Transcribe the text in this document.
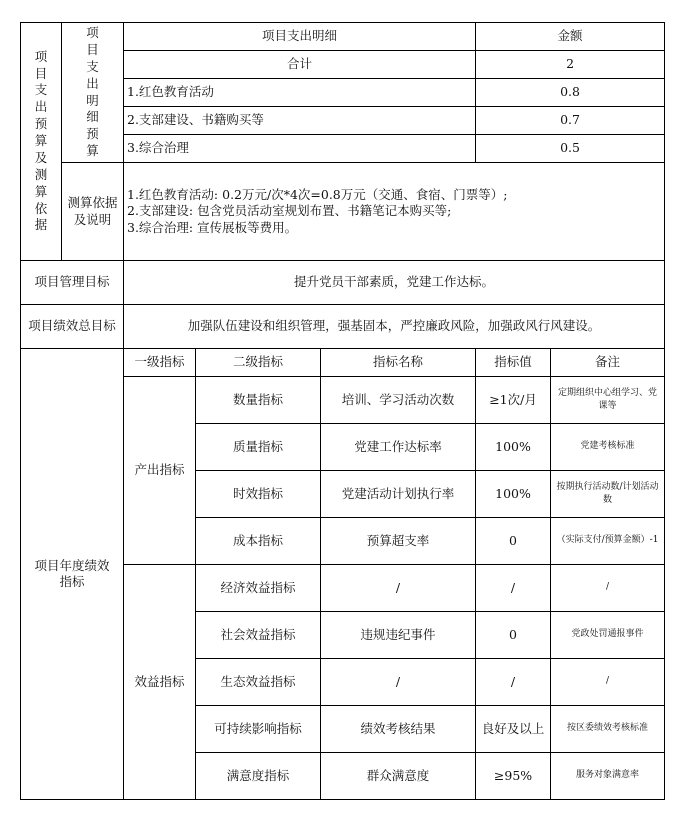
项目支出预算及测算依据	项目支出明细预算	项目支出明细			金额	
		合计			2	
		1.红色教育活动			0.8	
		2.支部建设、书籍购买等			0.7	
		3.综合治理			0.5	
	测算依据及说明	1.红色教育活动: 0.2万元/次*4次=0.8万元（交通、食宿、门票等）;
2.支部建设: 包含党员活动室规划布置、书籍笔记本购买等;
3.综合治理: 宣传展板等费用。				

项目管理目标		提升党员干部素质，党建工作达标。				
项目绩效总目标		加强队伍建设和组织管理，强基固本，严控廉政风险，加强政风行风建设。				
项目年度绩效指标		一级指标	二级指标	指标名称	指标值	备注
		产出指标	数量指标	培训、学习活动次数	≥1次/月	定期组织中心组学习、党课等
			质量指标	党建工作达标率	100%	党建考核标准
			时效指标	党建活动计划执行率	100%	按期执行活动数/计划活动数
			成本指标	预算超支率	0	（实际支付/预算金额）-1
		效益指标	经济效益指标	/	/	/
			社会效益指标	违规违纪事件	0	党政处罚通报事件
			生态效益指标	/	/	/
			可持续影响指标	绩效考核结果	良好及以上	按区委绩效考核标准
			满意度指标	群众满意度	≥95%	服务对象满意率
